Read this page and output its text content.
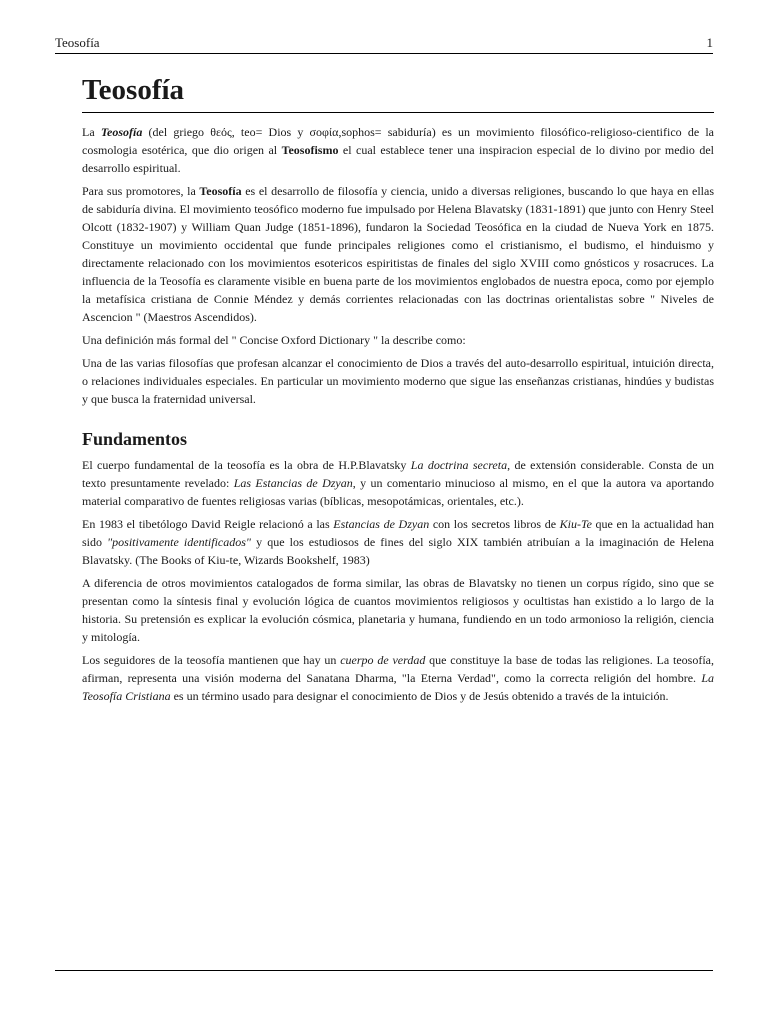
Teosofía	1
Teosofía

La Teosofía (del griego θεός, teo= Dios y σοφία,sophos= sabiduría) es un movimiento filosófico-religioso-cientifico de la cosmologia esotérica, que dio origen al Teosofismo el cual establece tener una inspiracion especial de lo divino por medio del desarrollo espiritual.

Para sus promotores, la Teosofía es el desarrollo de filosofía y ciencia, unido a diversas religiones, buscando lo que haya en ellas de sabiduría divina. El movimiento teosófico moderno fue impulsado por Helena Blavatsky (1831-1891) que junto con Henry Steel Olcott (1832-1907) y William Quan Judge (1851-1896), fundaron la Sociedad Teosófica en la ciudad de Nueva York en 1875. Constituye un movimiento occidental que funde principales religiones como el cristianismo, el budismo, el hinduismo y directamente relacionado con los movimientos esotericos espiritistas de finales del siglo XVIII como gnósticos y rosacruces. La influencia de la Teosofía es claramente visible en buena parte de los movimientos englobados de nuestra epoca, como por ejemplo la metafísica cristiana de Connie Méndez y demás corrientes relacionadas con las doctrinas orientalistas sobre " Niveles de Ascencion " (Maestros Ascendidos).

Una definición más formal del " Concise Oxford Dictionary " la describe como:

Una de las varias filosofías que profesan alcanzar el conocimiento de Dios a través del auto-desarrollo espiritual, intuición directa, o relaciones individuales especiales. En particular un movimiento moderno que sigue las enseñanzas cristianas, hindúes y budistas y que busca la fraternidad universal.

Fundamentos

El cuerpo fundamental de la teosofía es la obra de H.P.Blavatsky La doctrina secreta, de extensión considerable. Consta de un texto presuntamente revelado: Las Estancias de Dzyan, y un comentario minucioso al mismo, en el que la autora va aportando material comparativo de fuentes religiosas varias (bíblicas, mesopotámicas, orientales, etc.).

En 1983 el tibetólogo David Reigle relacionó a las Estancias de Dzyan con los secretos libros de Kiu-Te que en la actualidad han sido "positivamente identificados" y que los estudiosos de fines del siglo XIX también atribuían a la imaginación de Helena Blavatsky. (The Books of Kiu-te, Wizards Bookshelf, 1983)

A diferencia de otros movimientos catalogados de forma similar, las obras de Blavatsky no tienen un corpus rígido, sino que se presentan como la síntesis final y evolución lógica de cuantos movimientos religiosos y ocultistas han existido a lo largo de la historia. Su pretensión es explicar la evolución cósmica, planetaria y humana, fundiendo en un todo armonioso la religión, ciencia y mitología.

Los seguidores de la teosofía mantienen que hay un cuerpo de verdad que constituye la base de todas las religiones. La teosofía, afirman, representa una visión moderna del Sanatana Dharma, "la Eterna Verdad", como la correcta religión del hombre. La Teosofía Cristiana es un término usado para designar el conocimiento de Dios y de Jesús obtenido a través de la intuición.
